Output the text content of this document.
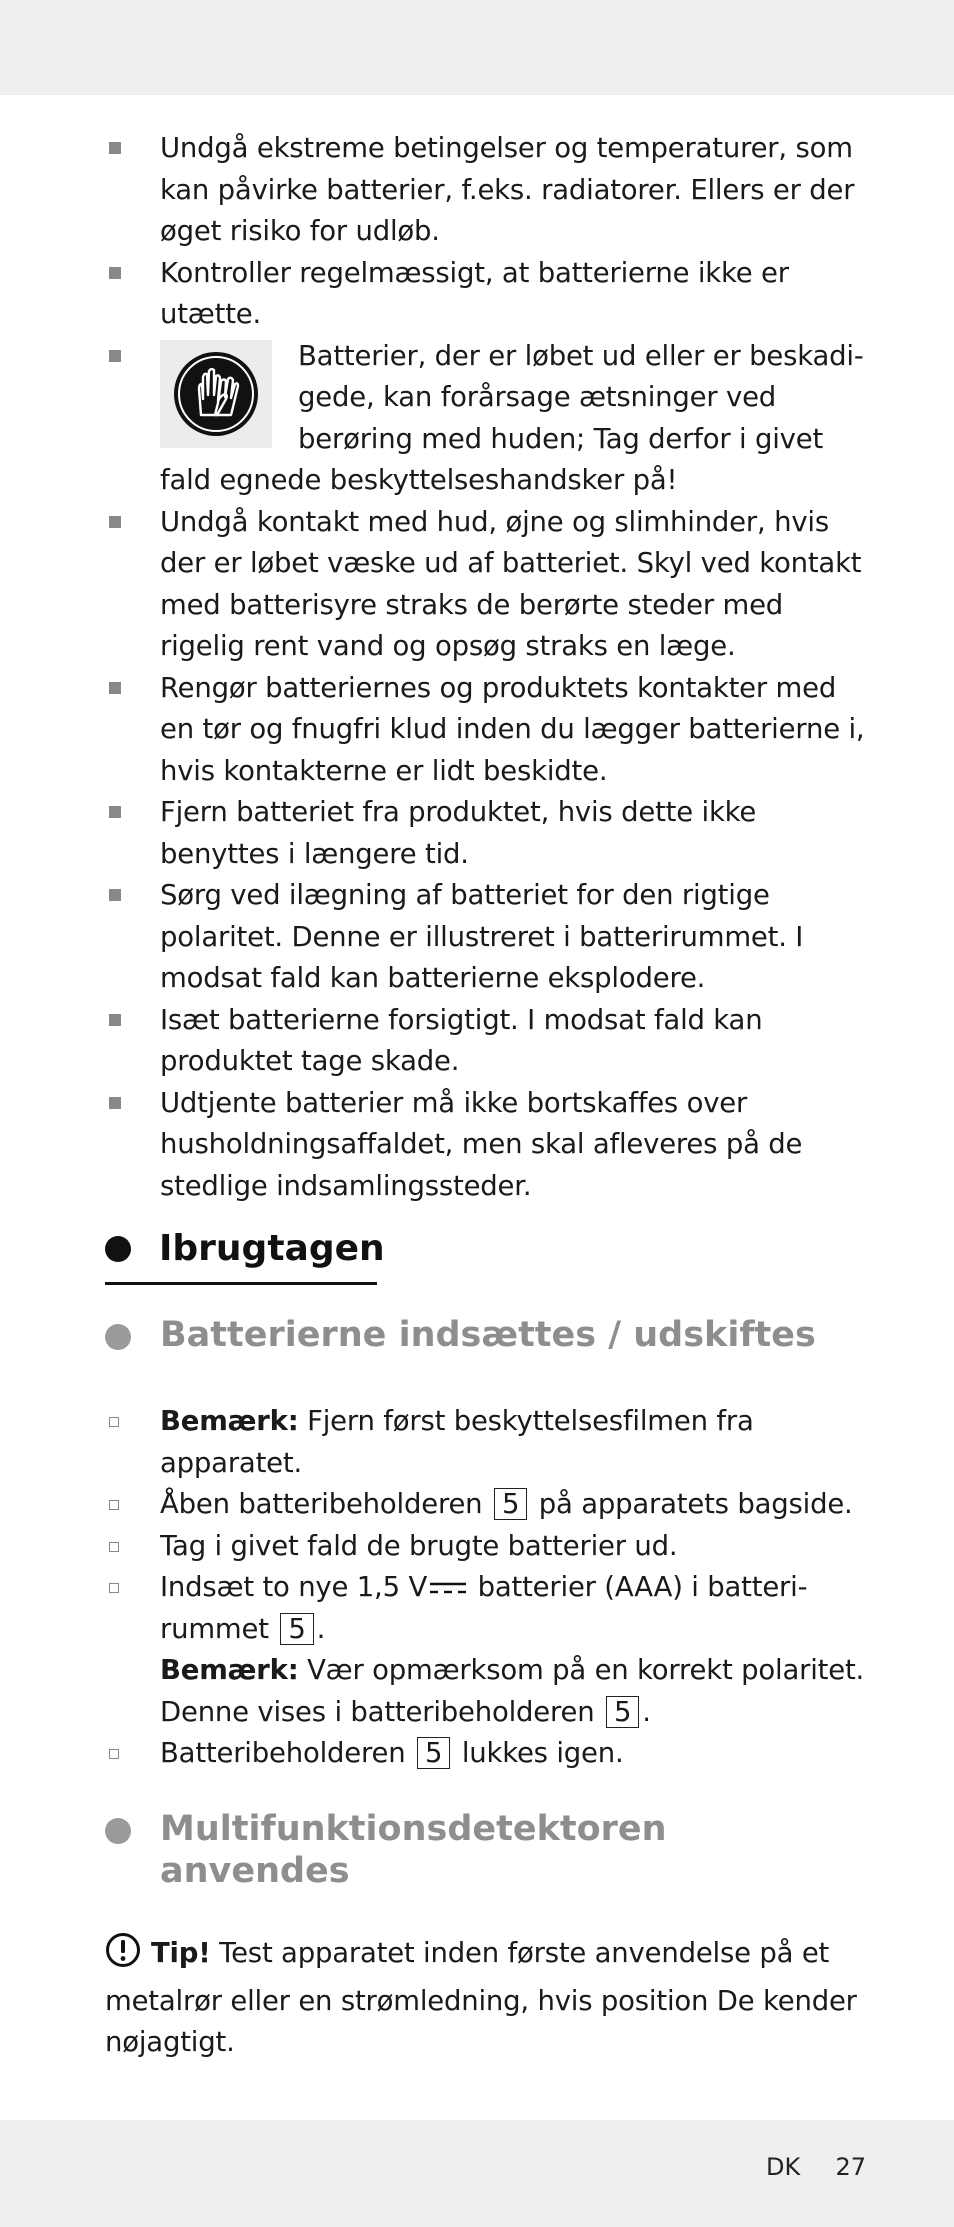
Undgå ekstreme betingelser og temperaturer, som kan påvirke batterier, f.eks. radiatorer. Ellers er der øget risiko for udløb.
Kontroller regelmæssigt, at batterierne ikke er utætte.
Batterier, der er løbet ud eller er beskadigede, kan forårsage ætsninger ved berøring med huden; Tag derfor i givet fald egnede beskyttelseshandsker på!
Undgå kontakt med hud, øjne og slimhinder, hvis der er løbet væske ud af batteriet. Skyl ved kontakt med batterisyre straks de berørte steder med rigelig rent vand og opsøg straks en læge.
Rengør batteriernes og produktets kontakter med en tør og fnugfri klud inden du lægger batterierne i, hvis kontakterne er lidt beskidte.
Fjern batteriet fra produktet, hvis dette ikke benyttes i længere tid.
Sørg ved ilægning af batteriet for den rigtige polaritet. Denne er illustreret i batterirummet. I modsat fald kan batterierne eksplodere.
Isæt batterierne forsigtigt. I modsat fald kan produktet tage skade.
Udtjente batterier må ikke bortskaffes over husholdningsaffaldet, men skal afleveres på de stedlige indsamlingssteder.
Ibrugtagen
Batterierne indsættes / udskiftes
Bemærk: Fjern først beskyttelsesfilmen fra apparatet.
Åben batteribeholderen 5 på apparatets bagside.
Tag i givet fald de brugte batterier ud.
Indsæt to nye 1,5 V batterier (AAA) i batterirummet 5 .
Bemærk: Vær opmærksom på en korrekt polaritet. Denne vises i batteribeholderen 5 .
Batteribeholderen 5 lukkes igen.
Multifunktionsdetektoren anvendes
Tip! Test apparatet inden første anvendelse på et metalrør eller en strømledning, hvis position De kender nøjagtigt.
DK 27
